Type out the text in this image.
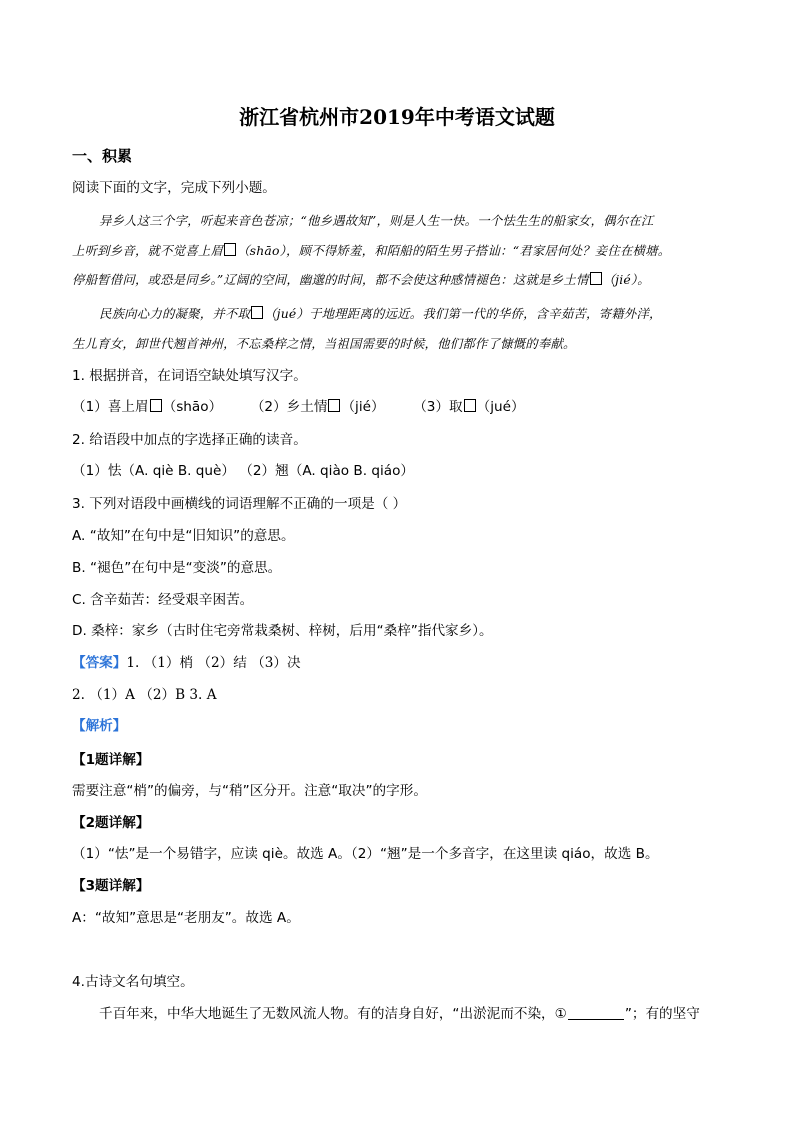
浙江省杭州市2019年中考语文试题
一、积累
阅读下面的文字，完成下列小题。
异乡人这三个字，听起来音色苍凉；“他乡遇故知”，则是人生一快。一个怯生生的船家女，偶尔在江
上听到乡音，就不觉喜上眉 （shāo），顾不得矫羞，和陌船的陌生男子搭讪：“君家居何处？妾住在横塘。
停船暂借问，或恐是同乡。”辽阔的空间，幽邈的时间，都不会使这种感情褪色：这就是乡土情 （jié）。
民族向心力的凝聚，并不取 （jué）于地理距离的远近。我们第一代的华侨，含辛茹苦，寄籍外洋，
生儿育女，卸世代翘首神州，不忘桑梓之情，当祖国需要的时候，他们都作了慷慨的奉献。
1. 根据拼音，在词语空缺处填写汉字。
（1）喜上眉 （shāo） （2）乡土情 （jié） （3）取 （jué）
2. 给语段中加点的字选择正确的读音。
（1）怯（A. qiè B. què） （2）翘（A. qiào B. qiáo）
3. 下列对语段中画横线的词语理解不正确的一项是（ ）
A. “故知”在句中是“旧知识”的意思。
B. “褪色”在句中是“变淡”的意思。
C. 含辛茹苦：经受艰辛困苦。
D. 桑梓：家乡（古时住宅旁常栽桑树、梓树，后用“桑梓”指代家乡）。
【答案】1. （1）梢 （2）结 （3）决
2. （1）A （2）B 3. A
【解析】
【1题详解】
需要注意“梢”的偏旁，与“稍”区分开。注意“取决”的字形。
【2题详解】
（1）“怯”是一个易错字，应读 qiè。故选 A。（2）“翘”是一个多音字，在这里读 qiáo，故选 B。
【3题详解】
A：“故知”意思是“老朋友”。故选 A。
4.古诗文名句填空。
千百年来，中华大地诞生了无数风流人物。有的洁身自好，“出淤泥而不染，①	”；有的坚守
